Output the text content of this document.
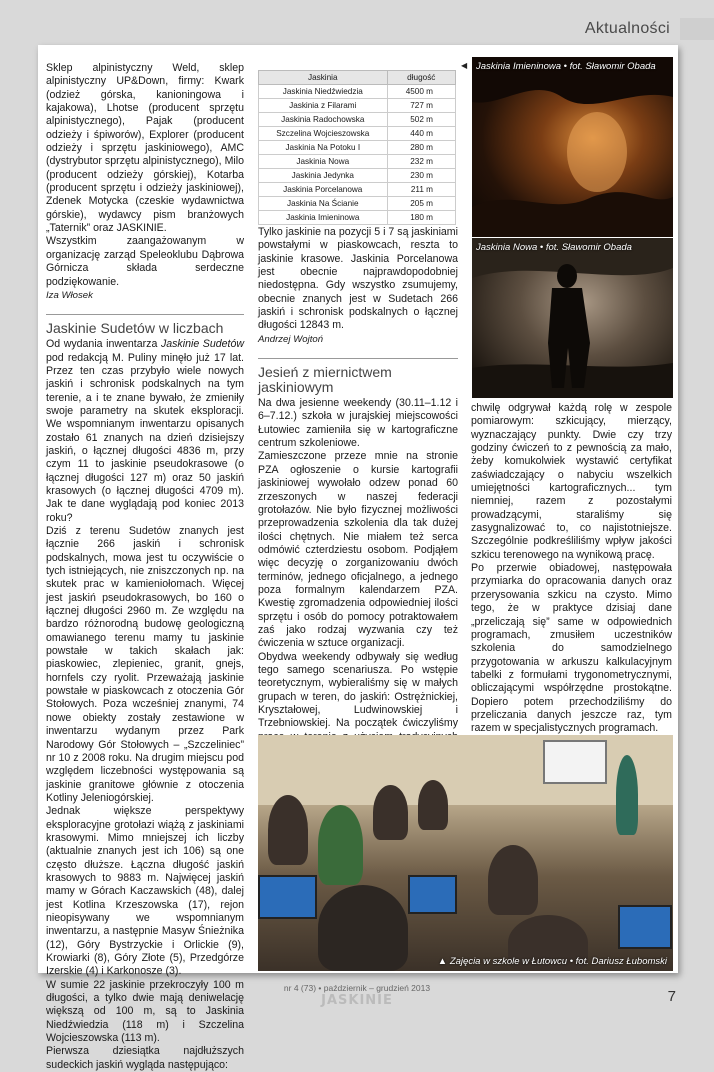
Aktualności

Sklep alpinistyczny Weld, sklep alpinistyczny UP&Down, firmy: Kwark (odzież górska, kanioningowa i kajakowa), Lhotse (producent sprzętu alpinistycznego), Pajak (producent odzieży i śpiworów), Explorer (producent odzieży i sprzętu jaskiniowego), AMC (dystrybutor sprzętu alpinistycznego), Milo (producent odzieży górskiej), Kotarba (producent sprzętu i odzieży jaskiniowej), Zdenek Motycka (czeskie wydawnictwa górskie), wydawcy pism branżowych „Taternik” oraz JASKINIE.

Wszystkim zaangażowanym w organizację zarząd Speleoklubu Dąbrowa Górnicza składa serdeczne podziękowanie.

Iza Włosek

Jaskinie Sudetów w liczbach

Od wydania inwentarza Jaskinie Sudetów pod redakcją M. Puliny minęło już 17 lat. Przez ten czas przybyło wiele nowych jaskiń i schronisk podskalnych na tym terenie, a i te znane bywało, że zmieniły swoje parametry na skutek eksploracji. We wspomnianym inwentarzu opisanych zostało 61 znanych na dzień dzisiejszy jaskiń, o łącznej długości 4836 m, przy czym 11 to jaskinie pseudokrasowe (o łącznej długości 127 m) oraz 50 jaskiń krasowych (o łącznej długości 4709 m). Jak te dane wyglądają pod koniec 2013 roku?

Dziś z terenu Sudetów znanych jest łącznie 266 jaskiń i schronisk podskalnych, mowa jest tu oczywiście o tych istniejących, nie zniszczonych np. na skutek prac w kamieniołomach. Więcej jest jaskiń pseudokrasowych, bo 160 o łącznej długości 2960 m. Ze względu na bardzo różnorodną budowę geologiczną omawianego terenu mamy tu jaskinie powstałe w takich skałach jak: piaskowiec, zlepieniec, granit, gnejs, hornfels czy ryolit. Przeważają jaskinie powstałe w piaskowcach z otoczenia Gór Stołowych. Poza wcześniej znanymi, 74 nowe obiekty zostały zestawione w inwentarzu wydanym przez Park Narodowy Gór Stołowych – „Szczeliniec” nr 10 z 2008 roku. Na drugim miejscu pod względem liczebności występowania są jaskinie granitowe głównie z otoczenia Kotliny Jeleniogórskiej.

Jednak większe perspektywy eksploracyjne grotołazi wiążą z jaskiniami krasowymi. Mimo mniejszej ich liczby (aktualnie znanych jest ich 106) są one często dłuższe. Łączna długość jaskiń krasowych to 9883 m. Najwięcej jaskiń mamy w Górach Kaczawskich (48), dalej jest Kotlina Krzeszowska (17), rejon nieopisywany we wspomnianym inwentarzu, a następnie Masyw Śnieżnika (12), Góry Bystrzyckie i Orlickie (9), Krowiarki (8), Góry Złote (5), Przedgórze Izerskie (4) i Karkonosze (3).

W sumie 22 jaskinie przekroczyły 100 m długości, a tylko dwie mają deniwelację większą od 100 m, są to Jaskinia Niedźwiedzia (118 m) i Szczelina Wojcieszowska (113 m).

Pierwsza dziesiątka najdłuższych sudeckich jaskiń wygląda następująco:

Jaskinia	długość
Jaskinia Niedźwiedzia	4500 m
Jaskinia z Filarami	727 m
Jaskinia Radochowska	502 m
Szczelina Wojcieszowska	440 m
Jaskinia Na Potoku I	280 m
Jaskinia Nowa	232 m
Jaskinia Jedynka	230 m
Jaskinia Porcelanowa	211 m
Jaskinia Na Ścianie	205 m
Jaskinia Imieninowa	180 m
◀

Tylko jaskinie na pozycji 5 i 7 są jaskiniami powstałymi w piaskowcach, reszta to jaskinie krasowe. Jaskinia Porcelanowa jest obecnie najprawdopodobniej niedostępna. Gdy wszystko zsumujemy, obecnie znanych jest w Sudetach 266 jaskiń i schronisk podskalnych o łącznej długości 12843 m.

Andrzej Wojtoń

Jesień z miernictwem jaskiniowym

Na dwa jesienne weekendy (30.11–1.12 i 6–7.12.) szkoła w jurajskiej miejscowości Łutowiec zamieniła się w kartograficzne centrum szkoleniowe.

Zamieszczone przeze mnie na stronie PZA ogłoszenie o kursie kartografii jaskiniowej wywołało odzew ponad 60 zrzeszonych w naszej federacji grotołazów. Nie było fizycznej możliwości przeprowadzenia szkolenia dla tak dużej ilości chętnych. Nie miałem też serca odmówić czterdziestu osobom. Podjąłem więc decyzję o zorganizowaniu dwóch terminów, jednego oficjalnego, a jednego poza formalnym kalendarzem PZA. Kwestię zgromadzenia odpowiedniej ilości sprzętu i osób do pomocy potraktowałem zaś jako rodzaj wyzwania czy też ćwiczenia w sztuce organizacji.

Obydwa weekendy odbywały się według tego samego scenariusza. Po wstępie teoretycznym, wybieraliśmy się w małych grupach w teren, do jaskiń: Ostrężnickiej, Kryształowej, Ludwinowskiej i Trzebniowskiej. Na początek ćwiczyliśmy

chwilę odgrywał każdą rolę w zespole pomiarowym: szkicujący, mierzący, wyznaczający punkty. Dwie czy trzy godziny ćwiczeń to z pewnością za mało, żeby komukolwiek wystawić certyfikat zaświadczający o nabyciu wszelkich umiejętności kartograficznych... tym niemniej, razem z pozostałymi prowadzącymi, staraliśmy się zasygnalizować to, co najistotniejsze. Szczególnie podkreśliliśmy wpływ jakości szkicu terenowego na wynikową pracę.

Po przerwie obiadowej, następowała przymiarka do opracowania danych oraz przerysowania szkicu na czysto. Mimo tego, że w praktyce dzisiaj dane „przeliczają się” same w odpowiednich programach, zmusiłem uczestników szkolenia do samodzielnego przygotowania w arkuszu kalkulacyjnym tabelki z formułami trygonometrycznymi, obliczającymi współrzędne prostokątne. Dopiero potem przechodziliśmy do przeliczania danych jeszcze raz, tym razem w specjalistycznych programach.

Jaskinia Imieninowa • fot. Sławomir Obada
Jaskinia Nowa • fot. Sławomir Obada
▲ Zajęcia w szkole w Łutowcu • fot. Dariusz Łubomski
nr 4 (73) • październik – grudzień 2013
JASKINIE	7
